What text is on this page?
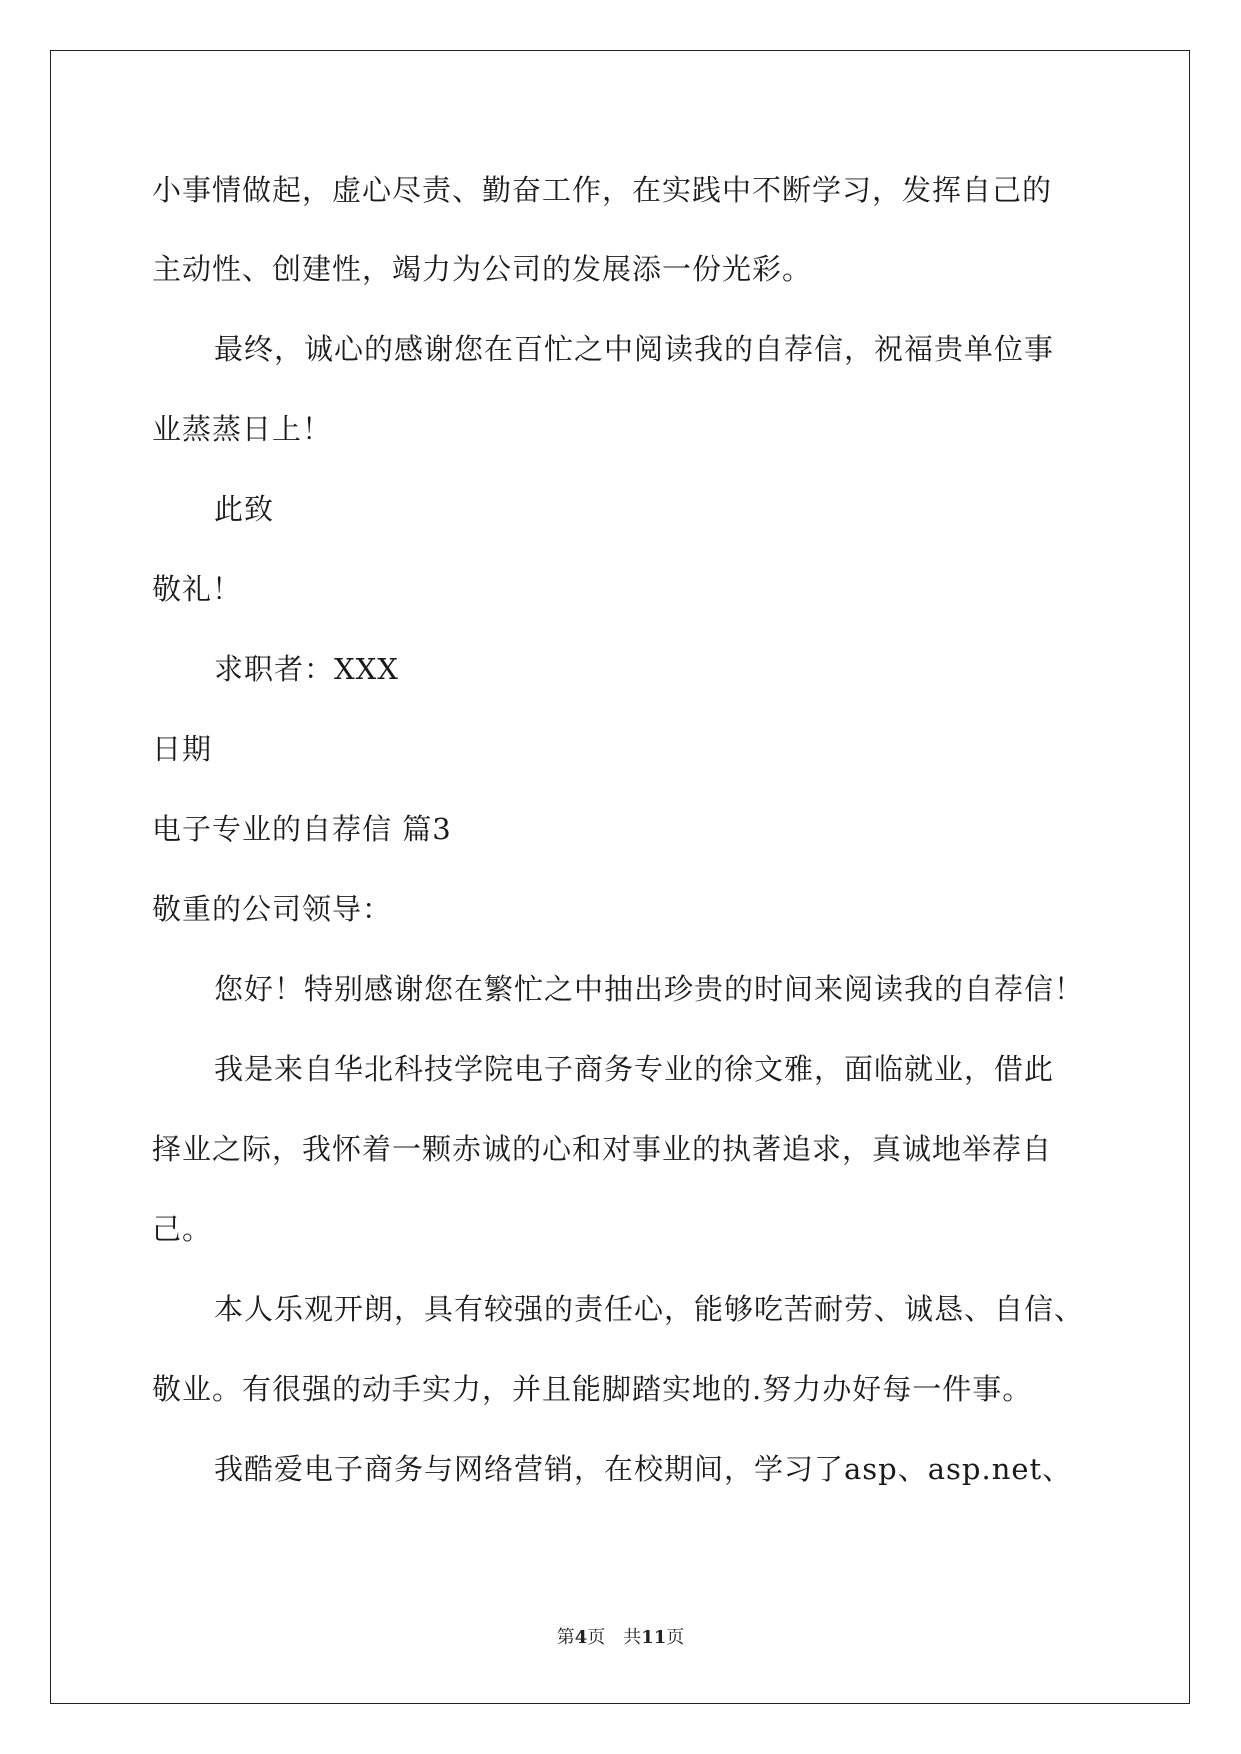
小事情做起，虚心尽责、勤奋工作，在实践中不断学习，发挥自己的
主动性、创建性，竭力为公司的发展添一份光彩。
最终，诚心的感谢您在百忙之中阅读我的自荐信，祝福贵单位事
业蒸蒸日上！
此致
敬礼！
求职者：XXX
日期
电子专业的自荐信 篇3
敬重的公司领导：
您好！特别感谢您在繁忙之中抽出珍贵的时间来阅读我的自荐信！
我是来自华北科技学院电子商务专业的徐文雅，面临就业，借此
择业之际，我怀着一颗赤诚的心和对事业的执著追求，真诚地举荐自
己。
本人乐观开朗，具有较强的责任心，能够吃苦耐劳、诚恳、自信、
敬业。有很强的动手实力，并且能脚踏实地的.努力办好每一件事。
我酷爱电子商务与网络营销，在校期间，学习了asp、asp.net、
第4页 共11页
